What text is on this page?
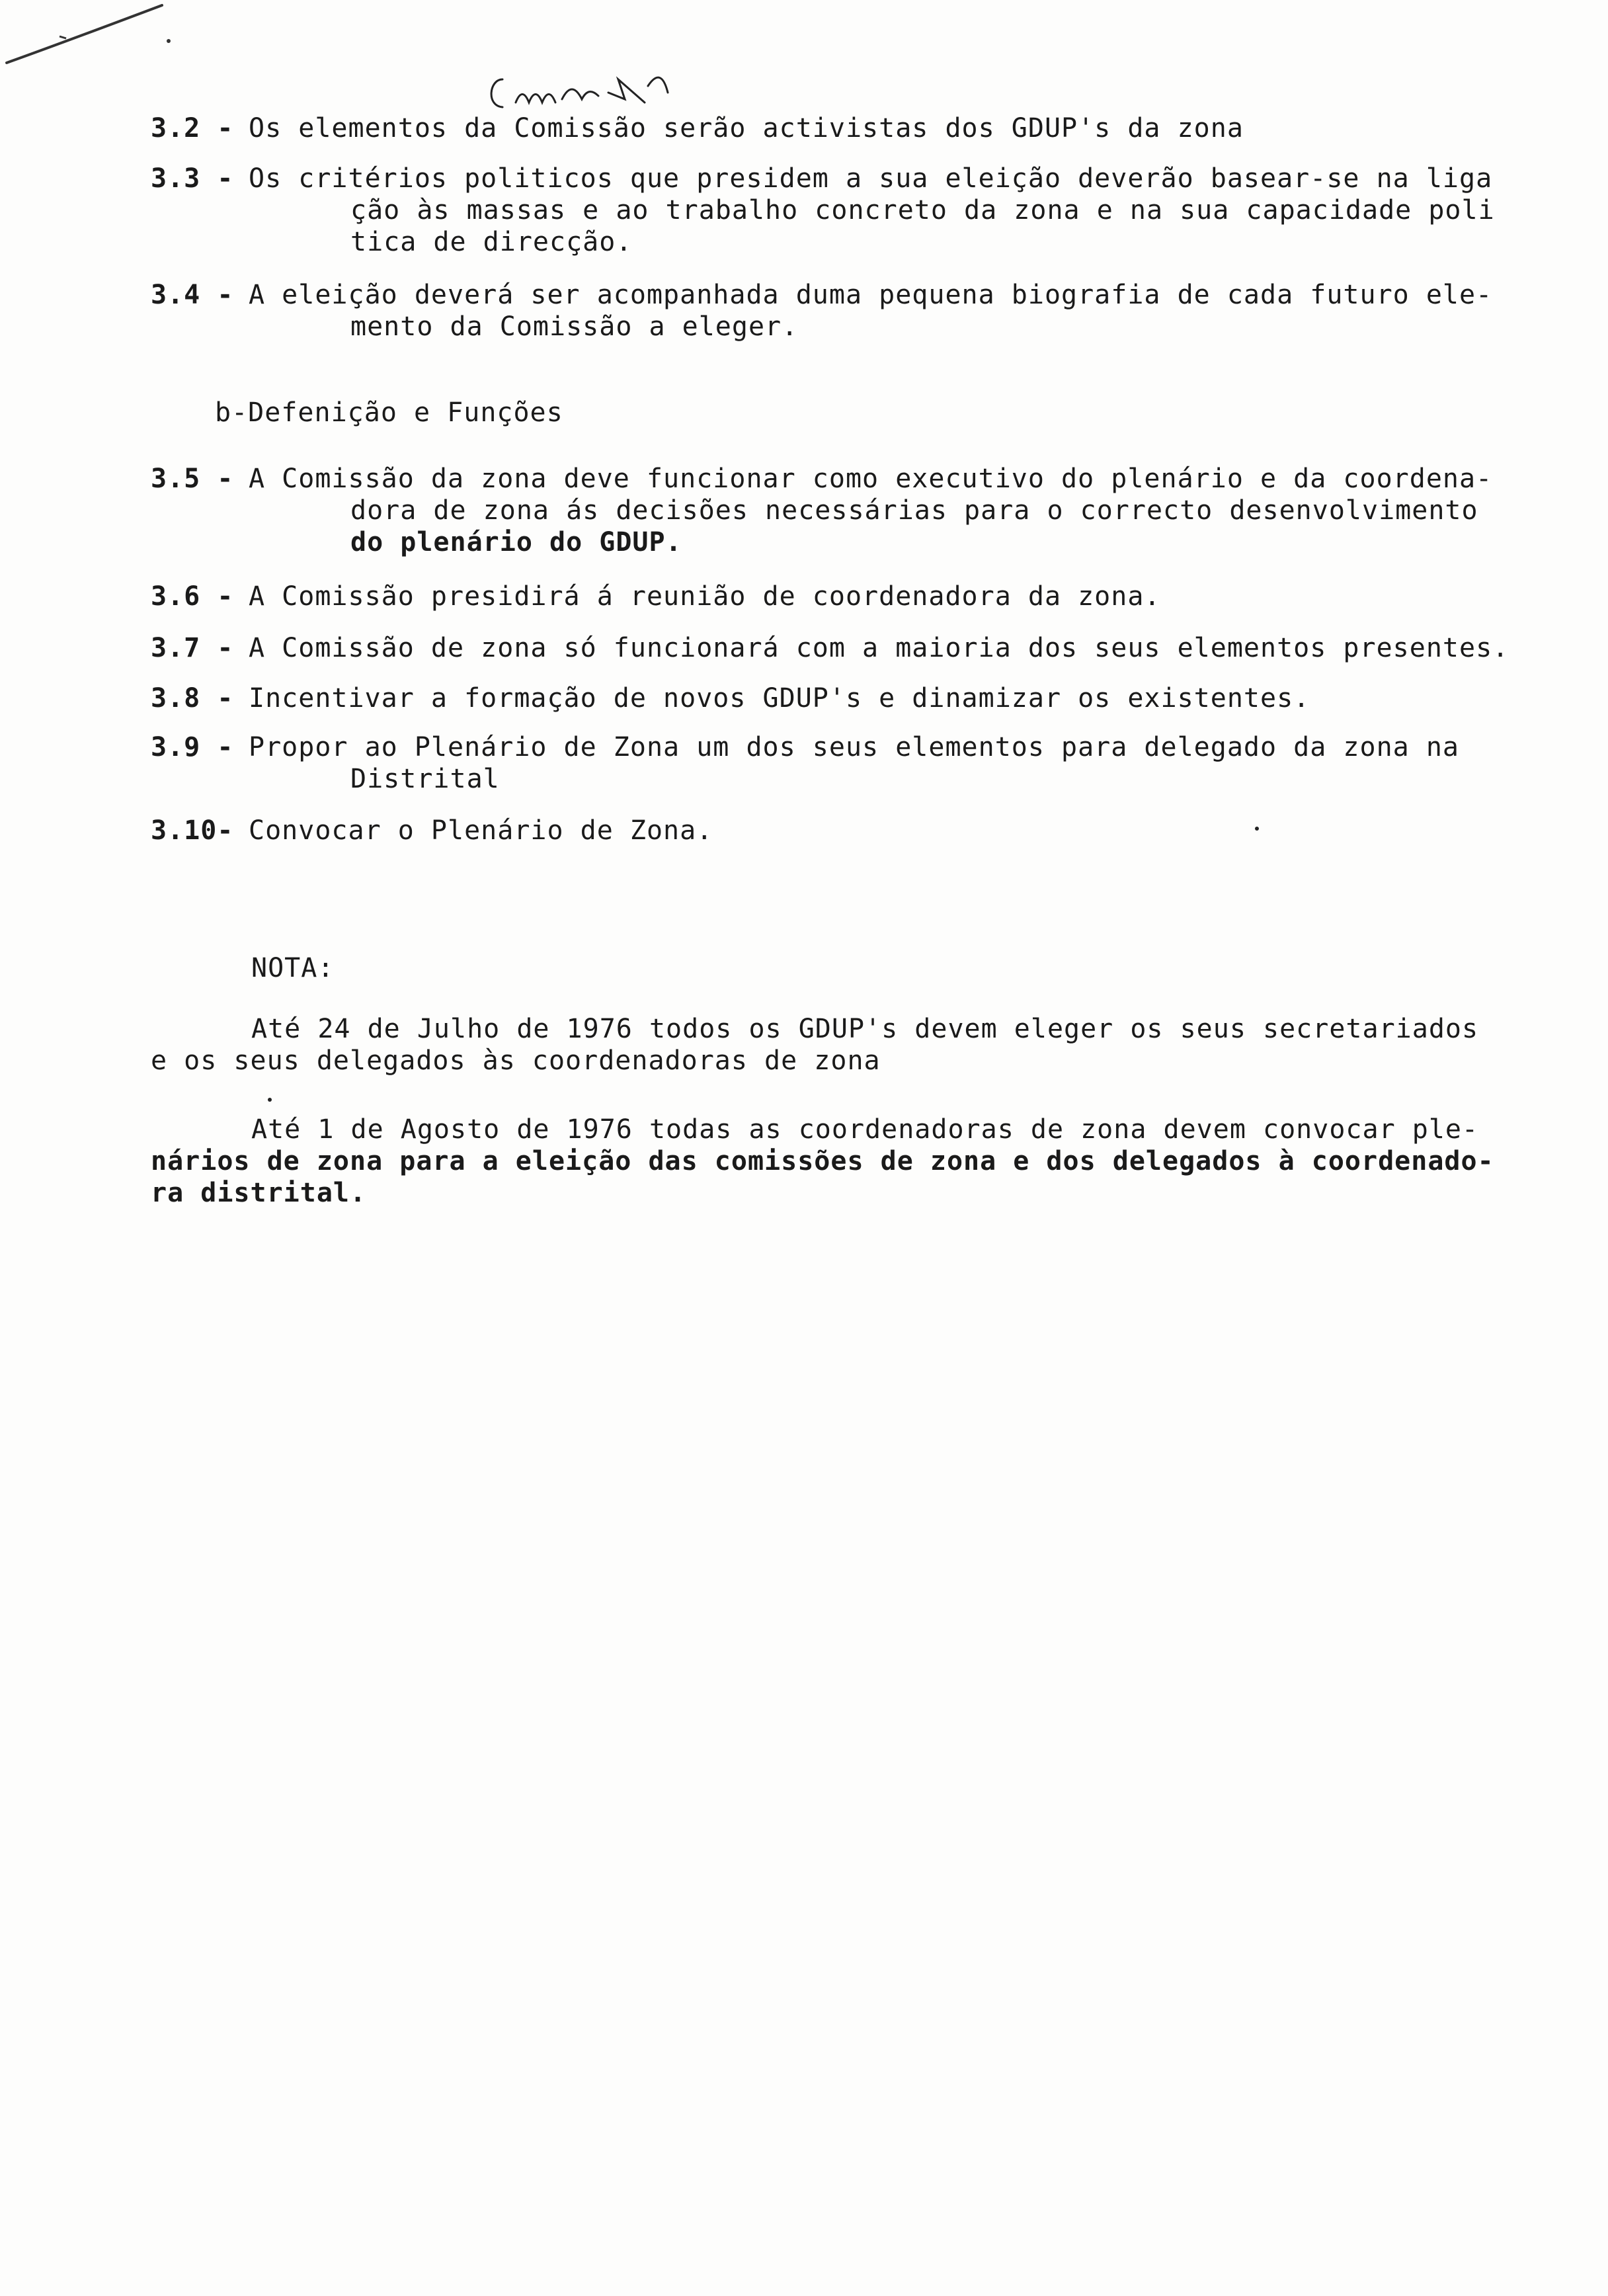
3.2 - Os elementos da Comissão serão activistas dos GDUP's da zona
3.3 - Os critérios politicos que presidem a sua eleição deverão basear-se na liga
ção às massas e ao trabalho concreto da zona e na sua capacidade poli
tica de direcção.
3.4 - A eleição deverá ser acompanhada duma pequena biografia de cada futuro ele-
mento da Comissão a eleger.
b-Defenição e Funções
3.5 - A Comissão da zona deve funcionar como executivo do plenário e da coordena-
dora de zona ás decisões necessárias para o correcto desenvolvimento
do plenário do GDUP.
3.6 - A Comissão presidirá á reunião de coordenadora da zona.
3.7 - A Comissão de zona só funcionará com a maioria dos seus elementos presentes.
3.8 - Incentivar a formação de novos GDUP's e dinamizar os existentes.
3.9 - Propor ao Plenário de Zona um dos seus elementos para delegado da zona na
Distrital
3.10- Convocar o Plenário de Zona.
NOTA:
Até 24 de Julho de 1976 todos os GDUP's devem eleger os seus secretariados
e os seus delegados às coordenadoras de zona
Até 1 de Agosto de 1976 todas as coordenadoras de zona devem convocar ple-
nários de zona para a eleição das comissões de zona e dos delegados à coordenado-
ra distrital.
